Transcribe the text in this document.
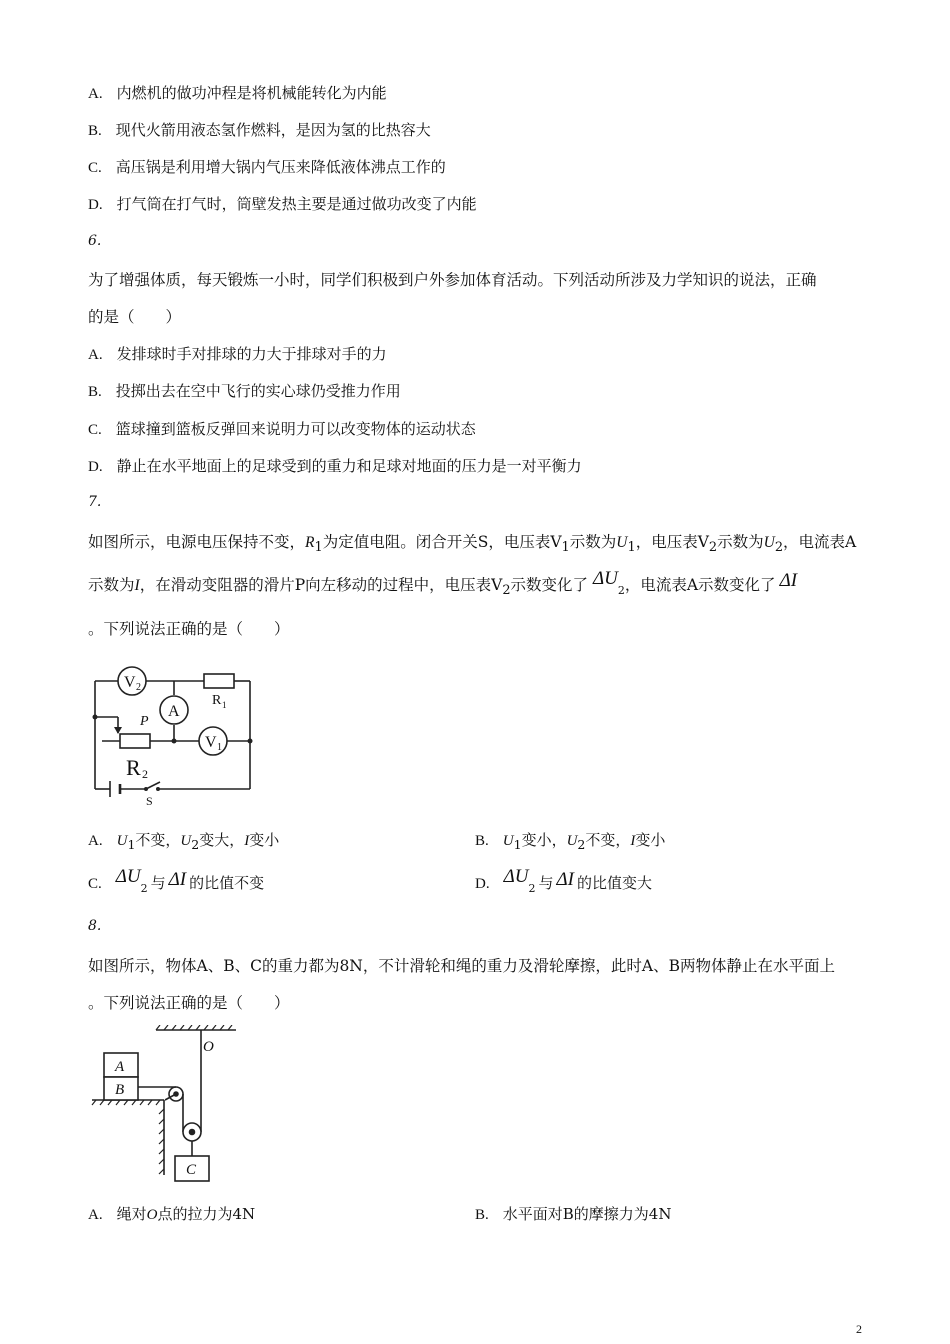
A. 内燃机的做功冲程是将机械能转化为内能
B. 现代火箭用液态氢作燃料，是因为氢的比热容大
C. 高压锅是利用增大锅内气压来降低液体沸点工作的
D. 打气筒在打气时，筒壁发热主要是通过做功改变了内能
6.
为了增强体质，每天锻炼一小时，同学们积极到户外参加体育活动。下列活动所涉及力学知识的说法，正确
的是（　　）
A. 发排球时手对排球的力大于排球对手的力
B. 投掷出去在空中飞行的实心球仍受推力作用
C. 篮球撞到篮板反弹回来说明力可以改变物体的运动状态
D. 静止在水平地面上的足球受到的重力和足球对地面的压力是一对平衡力
7.
如图所示，电源电压保持不变，$R_1$为定值电阻。闭合开关S，电压表$V_1$示数为$U_1$，电压表$V_2$示数为$U_2$，电流表A
示数为I，在滑动变阻器的滑片P向左移动的过程中，电压表$V_2$示数变化了 $\Delta U_2$，电流表A示数变化了 ΔI
。下列说法正确的是（　　）
V 2
R 1
A
P
R 2
V 1
S
A. $U_1$不变，$U_2$变大，I变小	B. $U_1$变小，$U_2$不变，I变小
C. $\Delta U_2$ 与 ΔI 的比值不变	D. $\Delta U_2$ 与 ΔI 的比值变大
8.
如图所示，物体A、B、C的重力都为8N，不计滑轮和绳的重力及滑轮摩擦，此时A、B两物体静止在水平面上
。下列说法正确的是（　　）
O
A
B
C
A. 绳对O点的拉力为4N	B. 水平面对B的摩擦力为4N
2
